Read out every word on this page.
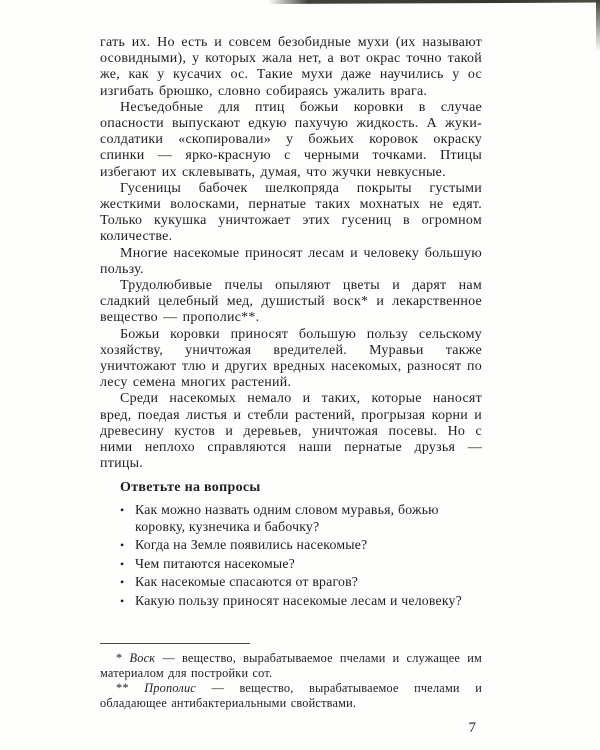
гать их. Но есть и совсем безобидные мухи (их называют осовидными), у которых жала нет, а вот окрас точно такой же, как у кусачих ос. Такие мухи даже научились у ос изгибать брюшко, словно собираясь ужалить врага.

Несъедобные для птиц божьи коровки в случае опасности выпускают едкую пахучую жидкость. А жуки-солдатики «скопировали» у божьих коровок окраску спинки — ярко-красную с черными точками. Птицы избегают их склевывать, думая, что жучки невкусные.

Гусеницы бабочек шелкопряда покрыты густыми жесткими волосками, пернатые таких мохнатых не едят. Только кукушка уничтожает этих гусениц в огромном количестве.

Многие насекомые приносят лесам и человеку большую пользу.

Трудолюбивые пчелы опыляют цветы и дарят нам сладкий целебный мед, душистый воск* и лекарственное вещество — прополис**.

Божьи коровки приносят большую пользу сельскому хозяйству, уничтожая вредителей. Муравьи также уничтожают тлю и других вредных насекомых, разносят по лесу семена многих растений.

Среди насекомых немало и таких, которые наносят вред, поедая листья и стебли растений, прогрызая корни и древесину кустов и деревьев, уничтожая посевы. Но с ними неплохо справляются наши пернатые друзья — птицы.

Ответьте на вопросы
• Как можно назвать одним словом муравья, божью коровку, кузнечика и бабочку?
• Когда на Земле появились насекомые?
• Чем питаются насекомые?
• Как насекомые спасаются от врагов?
• Какую пользу приносят насекомые лесам и человеку?

* Воск — вещество, вырабатываемое пчелами и служащее им материалом для постройки сот.

** Прополис — вещество, вырабатываемое пчелами и обладающее антибактериальными свойствами.

7
